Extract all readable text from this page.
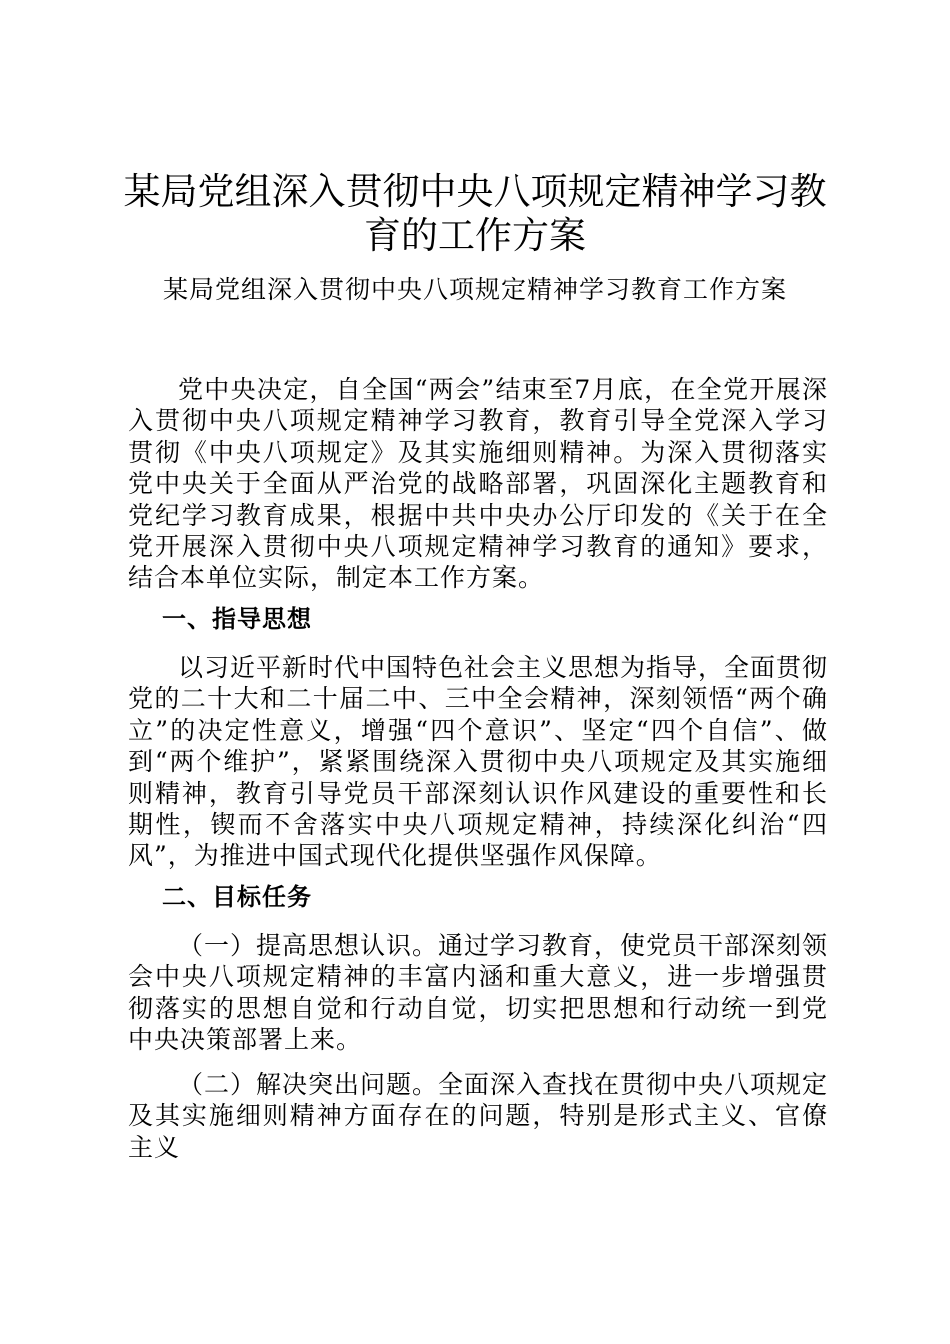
某局党组深入贯彻中央八项规定精神学习教育的工作方案

某局党组深入贯彻中央八项规定精神学习教育工作方案

党中央决定，自全国“两会”结束至7月底，在全党开展深入贯彻中央八项规定精神学习教育，教育引导全党深入学习贯彻《中央八项规定》及其实施细则精神。为深入贯彻落实党中央关于全面从严治党的战略部署，巩固深化主题教育和党纪学习教育成果，根据中共中央办公厅印发的《关于在全党开展深入贯彻中央八项规定精神学习教育的通知》要求，结合本单位实际，制定本工作方案。

一、指导思想

以习近平新时代中国特色社会主义思想为指导，全面贯彻党的二十大和二十届二中、三中全会精神，深刻领悟“两个确立”的决定性意义，增强“四个意识”、坚定“四个自信”、做到“两个维护”，紧紧围绕深入贯彻中央八项规定及其实施细则精神，教育引导党员干部深刻认识作风建设的重要性和长期性，锲而不舍落实中央八项规定精神，持续深化纠治“四风”，为推进中国式现代化提供坚强作风保障。

二、目标任务

（一）提高思想认识。通过学习教育，使党员干部深刻领会中央八项规定精神的丰富内涵和重大意义，进一步增强贯彻落实的思想自觉和行动自觉，切实把思想和行动统一到党中央决策部署上来。

（二）解决突出问题。全面深入查找在贯彻中央八项规定及其实施细则精神方面存在的问题，特别是形式主义、官僚主义
